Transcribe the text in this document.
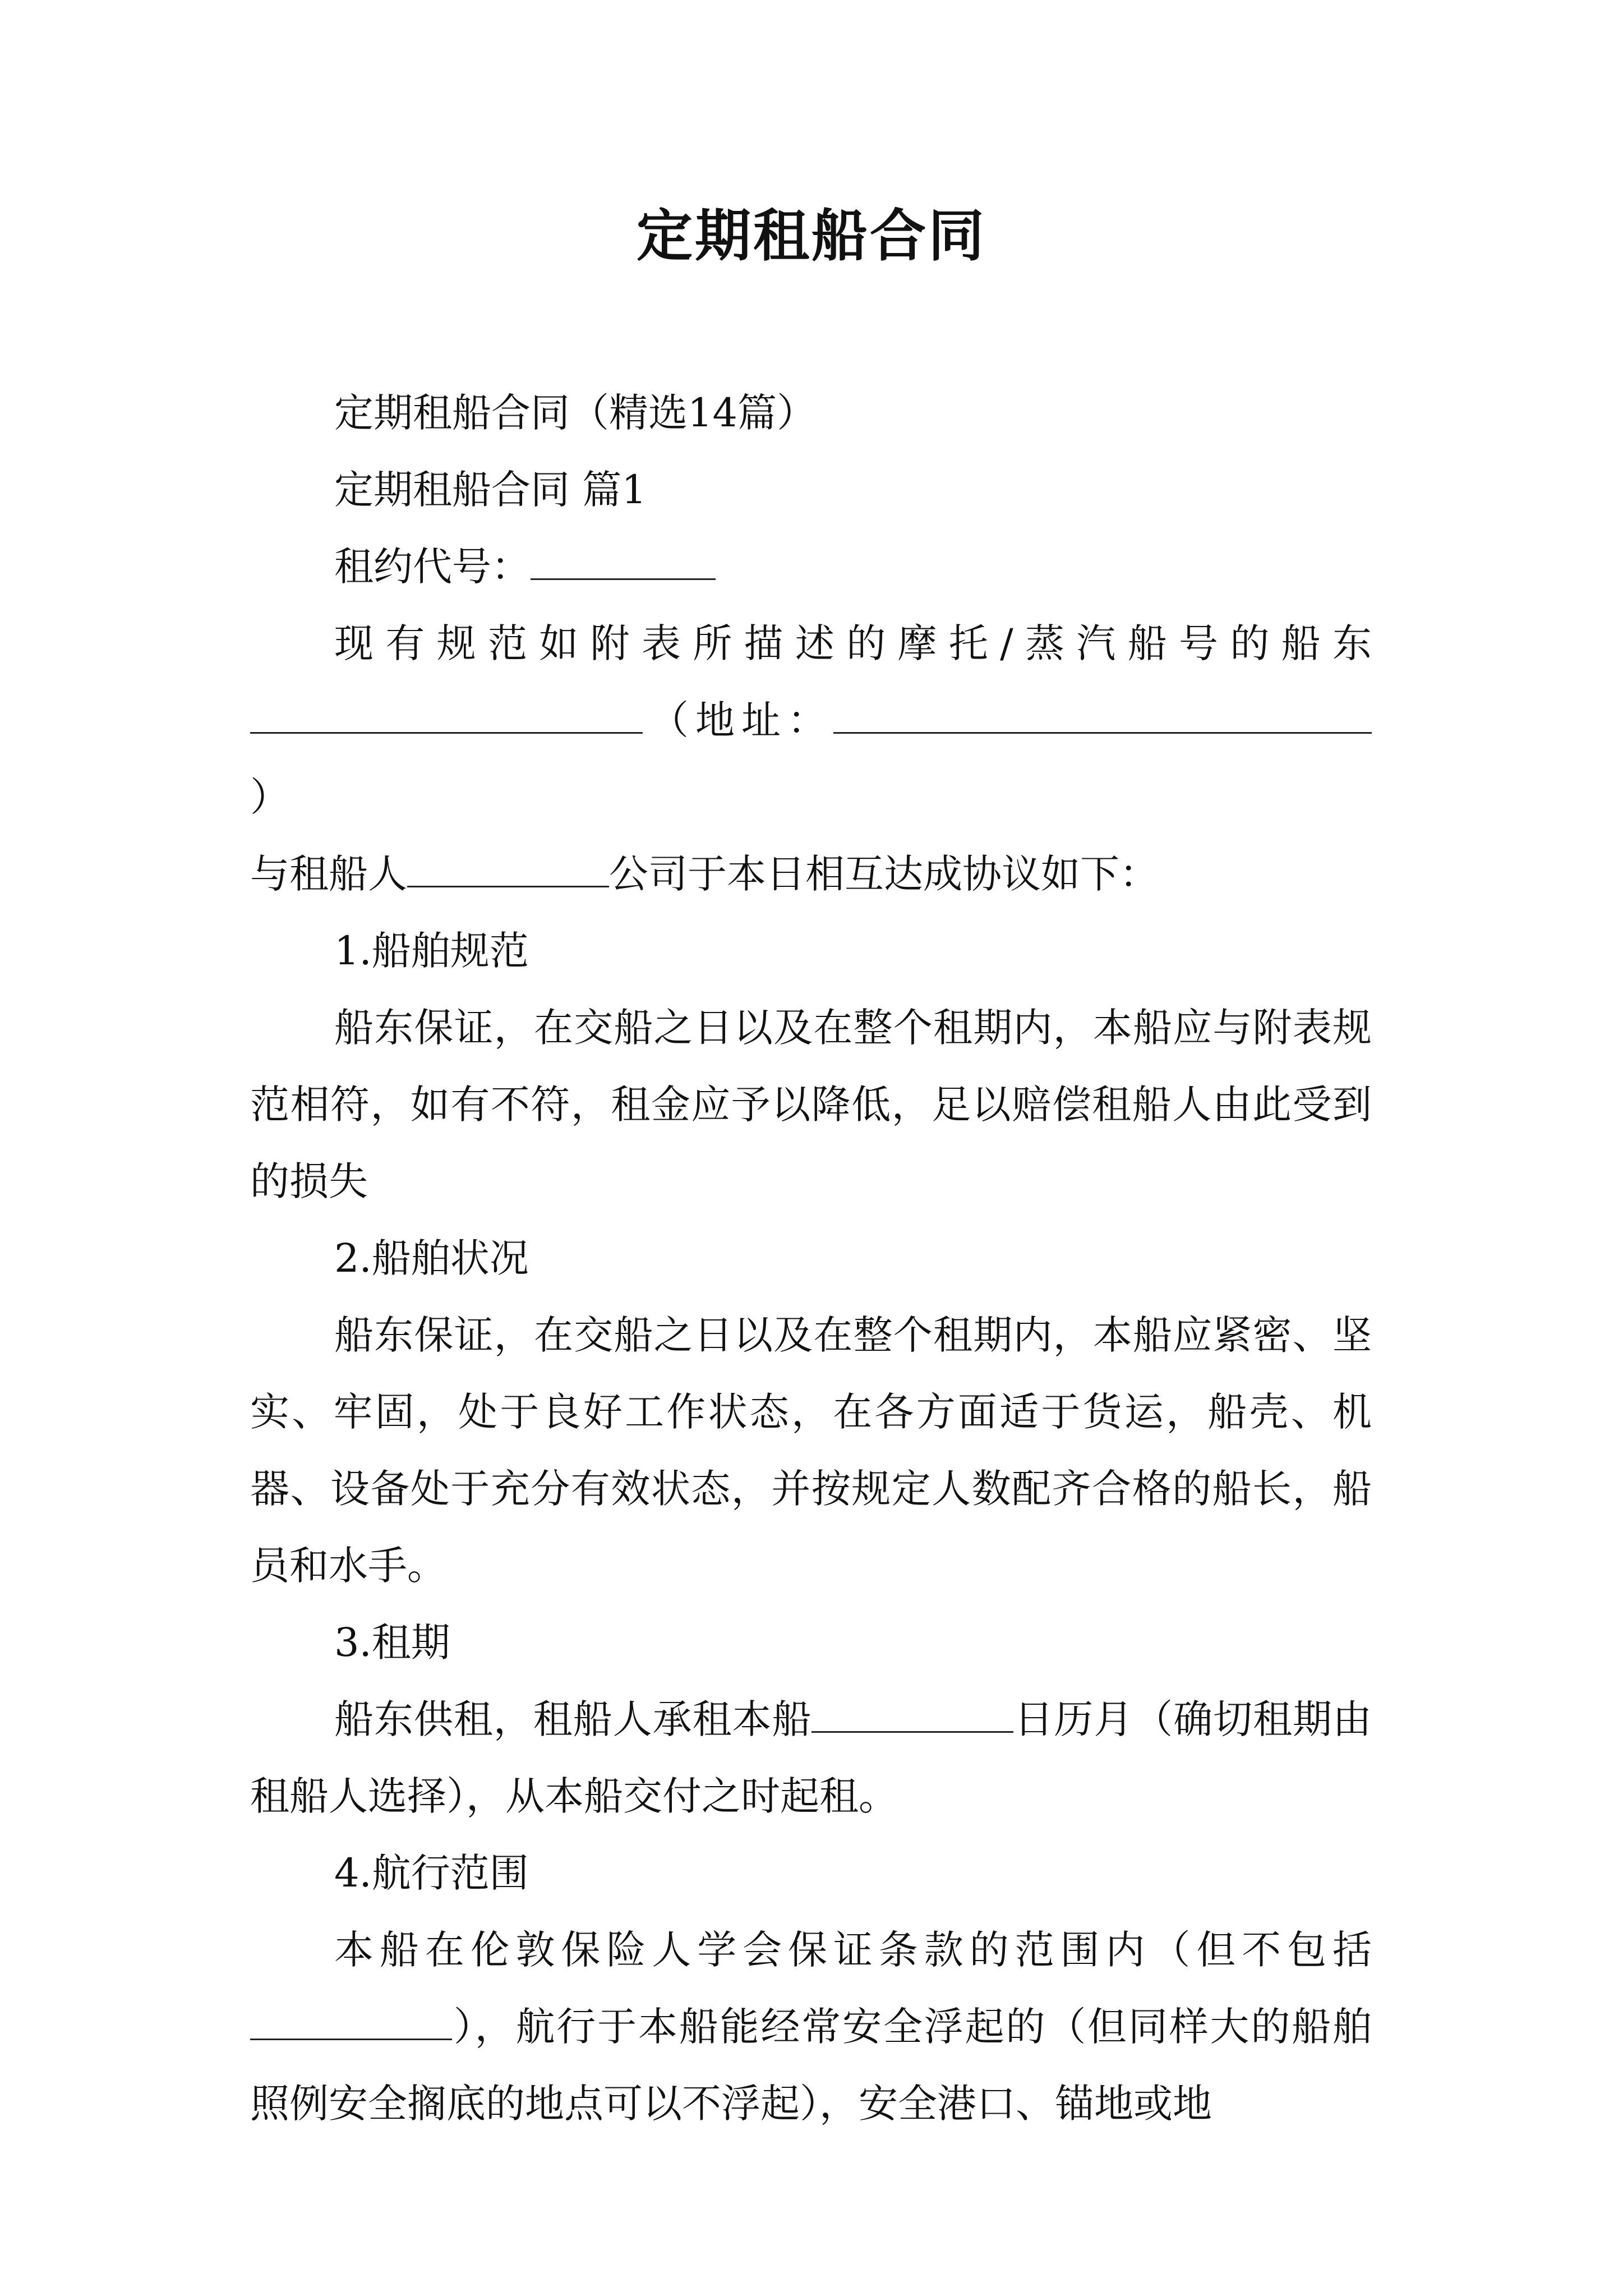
定期租船合同

定期租船合同（精选14篇）

定期租船合同 篇1

租约代号：

现有规范如附表所描述的摩托/蒸汽船号的船东

（地址：）

与租船人	公司于本日相互达成协议如下：

1.船舶规范

船东保证，在交船之日以及在整个租期内，本船应与附表规范相符，如有不符，租金应予以降低，足以赔偿租船人由此受到的损失

2.船舶状况

船东保证，在交船之日以及在整个租期内，本船应紧密、坚实、牢固，处于良好工作状态，在各方面适于货运，船壳、机器、设备处于充分有效状态，并按规定人数配齐合格的船长，船员和水手。

3.租期

船东供租，租船人承租本船	日历月（确切租期由租船人选择），从本船交付之时起租。

4.航行范围

本船在伦敦保险人学会保证条款的范围内（但不包括），航行于本船能经常安全浮起的（但同样大的船舶照例安全搁底的地点可以不浮起），安全港口、锚地或地
